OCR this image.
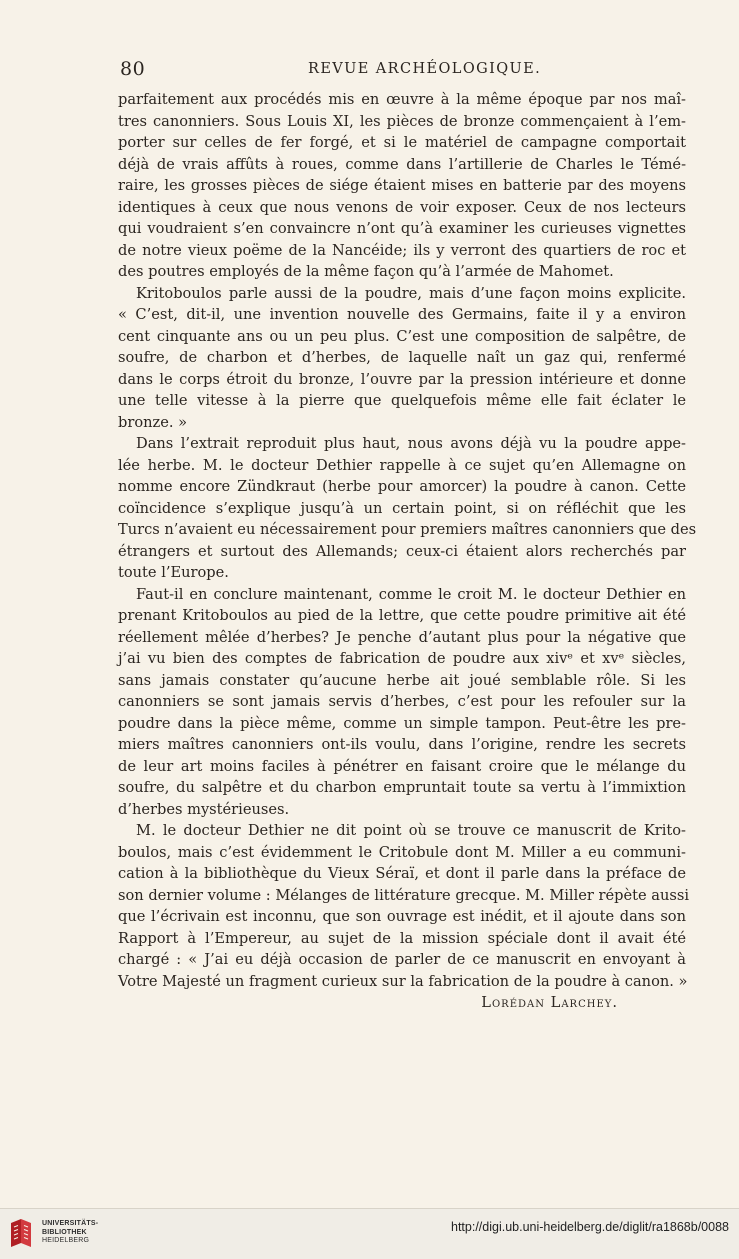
80	REVUE ARCHÉOLOGIQUE.
parfaitement aux procédés mis en œuvre à la même époque par nos maî-
tres canonniers. Sous Louis XI, les pièces de bronze commençaient à l’em-
porter sur celles de fer forgé, et si le matériel de campagne comportait
déjà de vrais affûts à roues, comme dans l’artillerie de Charles le Témé-
raire, les grosses pièces de siége étaient mises en batterie par des moyens
identiques à ceux que nous venons de voir exposer. Ceux de nos lecteurs
qui voudraient s’en convaincre n’ont qu’à examiner les curieuses vignettes
de notre vieux poëme de la Nancéide; ils y verront des quartiers de roc et
des poutres employés de la même façon qu’à l’armée de Mahomet.
Kritoboulos parle aussi de la poudre, mais d’une façon moins explicite.
« C’est, dit-il, une invention nouvelle des Germains, faite il y a environ
cent cinquante ans ou un peu plus. C’est une composition de salpêtre, de
soufre, de charbon et d’herbes, de laquelle naît un gaz qui, renfermé
dans le corps étroit du bronze, l’ouvre par la pression intérieure et donne
une telle vitesse à la pierre que quelquefois même elle fait éclater le
bronze. »
Dans l’extrait reproduit plus haut, nous avons déjà vu la poudre appe-
lée herbe. M. le docteur Dethier rappelle à ce sujet qu’en Allemagne on
nomme encore Zündkraut (herbe pour amorcer) la poudre à canon. Cette
coïncidence s’explique jusqu’à un certain point, si on réfléchit que les
Turcs n’avaient eu nécessairement pour premiers maîtres canonniers que des
étrangers et surtout des Allemands; ceux-ci étaient alors recherchés par
toute l’Europe.
Faut-il en conclure maintenant, comme le croit M. le docteur Dethier en
prenant Kritoboulos au pied de la lettre, que cette poudre primitive ait été
réellement mêlée d’herbes? Je penche d’autant plus pour la négative que
j’ai vu bien des comptes de fabrication de poudre aux xivᵉ et xvᵉ siècles,
sans jamais constater qu’aucune herbe ait joué semblable rôle. Si les
canonniers se sont jamais servis d’herbes, c’est pour les refouler sur la
poudre dans la pièce même, comme un simple tampon. Peut-être les pre-
miers maîtres canonniers ont-ils voulu, dans l’origine, rendre les secrets
de leur art moins faciles à pénétrer en faisant croire que le mélange du
soufre, du salpêtre et du charbon empruntait toute sa vertu à l’immixtion
d’herbes mystérieuses.
M. le docteur Dethier ne dit point où se trouve ce manuscrit de Krito-
boulos, mais c’est évidemment le Critobule dont M. Miller a eu communi-
cation à la bibliothèque du Vieux Séraï, et dont il parle dans la préface de
son dernier volume : Mélanges de littérature grecque. M. Miller répète aussi
que l’écrivain est inconnu, que son ouvrage est inédit, et il ajoute dans son
Rapport à l’Empereur, au sujet de la mission spéciale dont il avait été
chargé : « J’ai eu déjà occasion de parler de ce manuscrit en envoyant à
Votre Majesté un fragment curieux sur la fabrication de la poudre à canon. »
Lorédan Larchey.
UNIVERSITÄTS-
BIBLIOTHEK
HEIDELBERG
http://digi.ub.uni-heidelberg.de/diglit/ra1868b/0088
